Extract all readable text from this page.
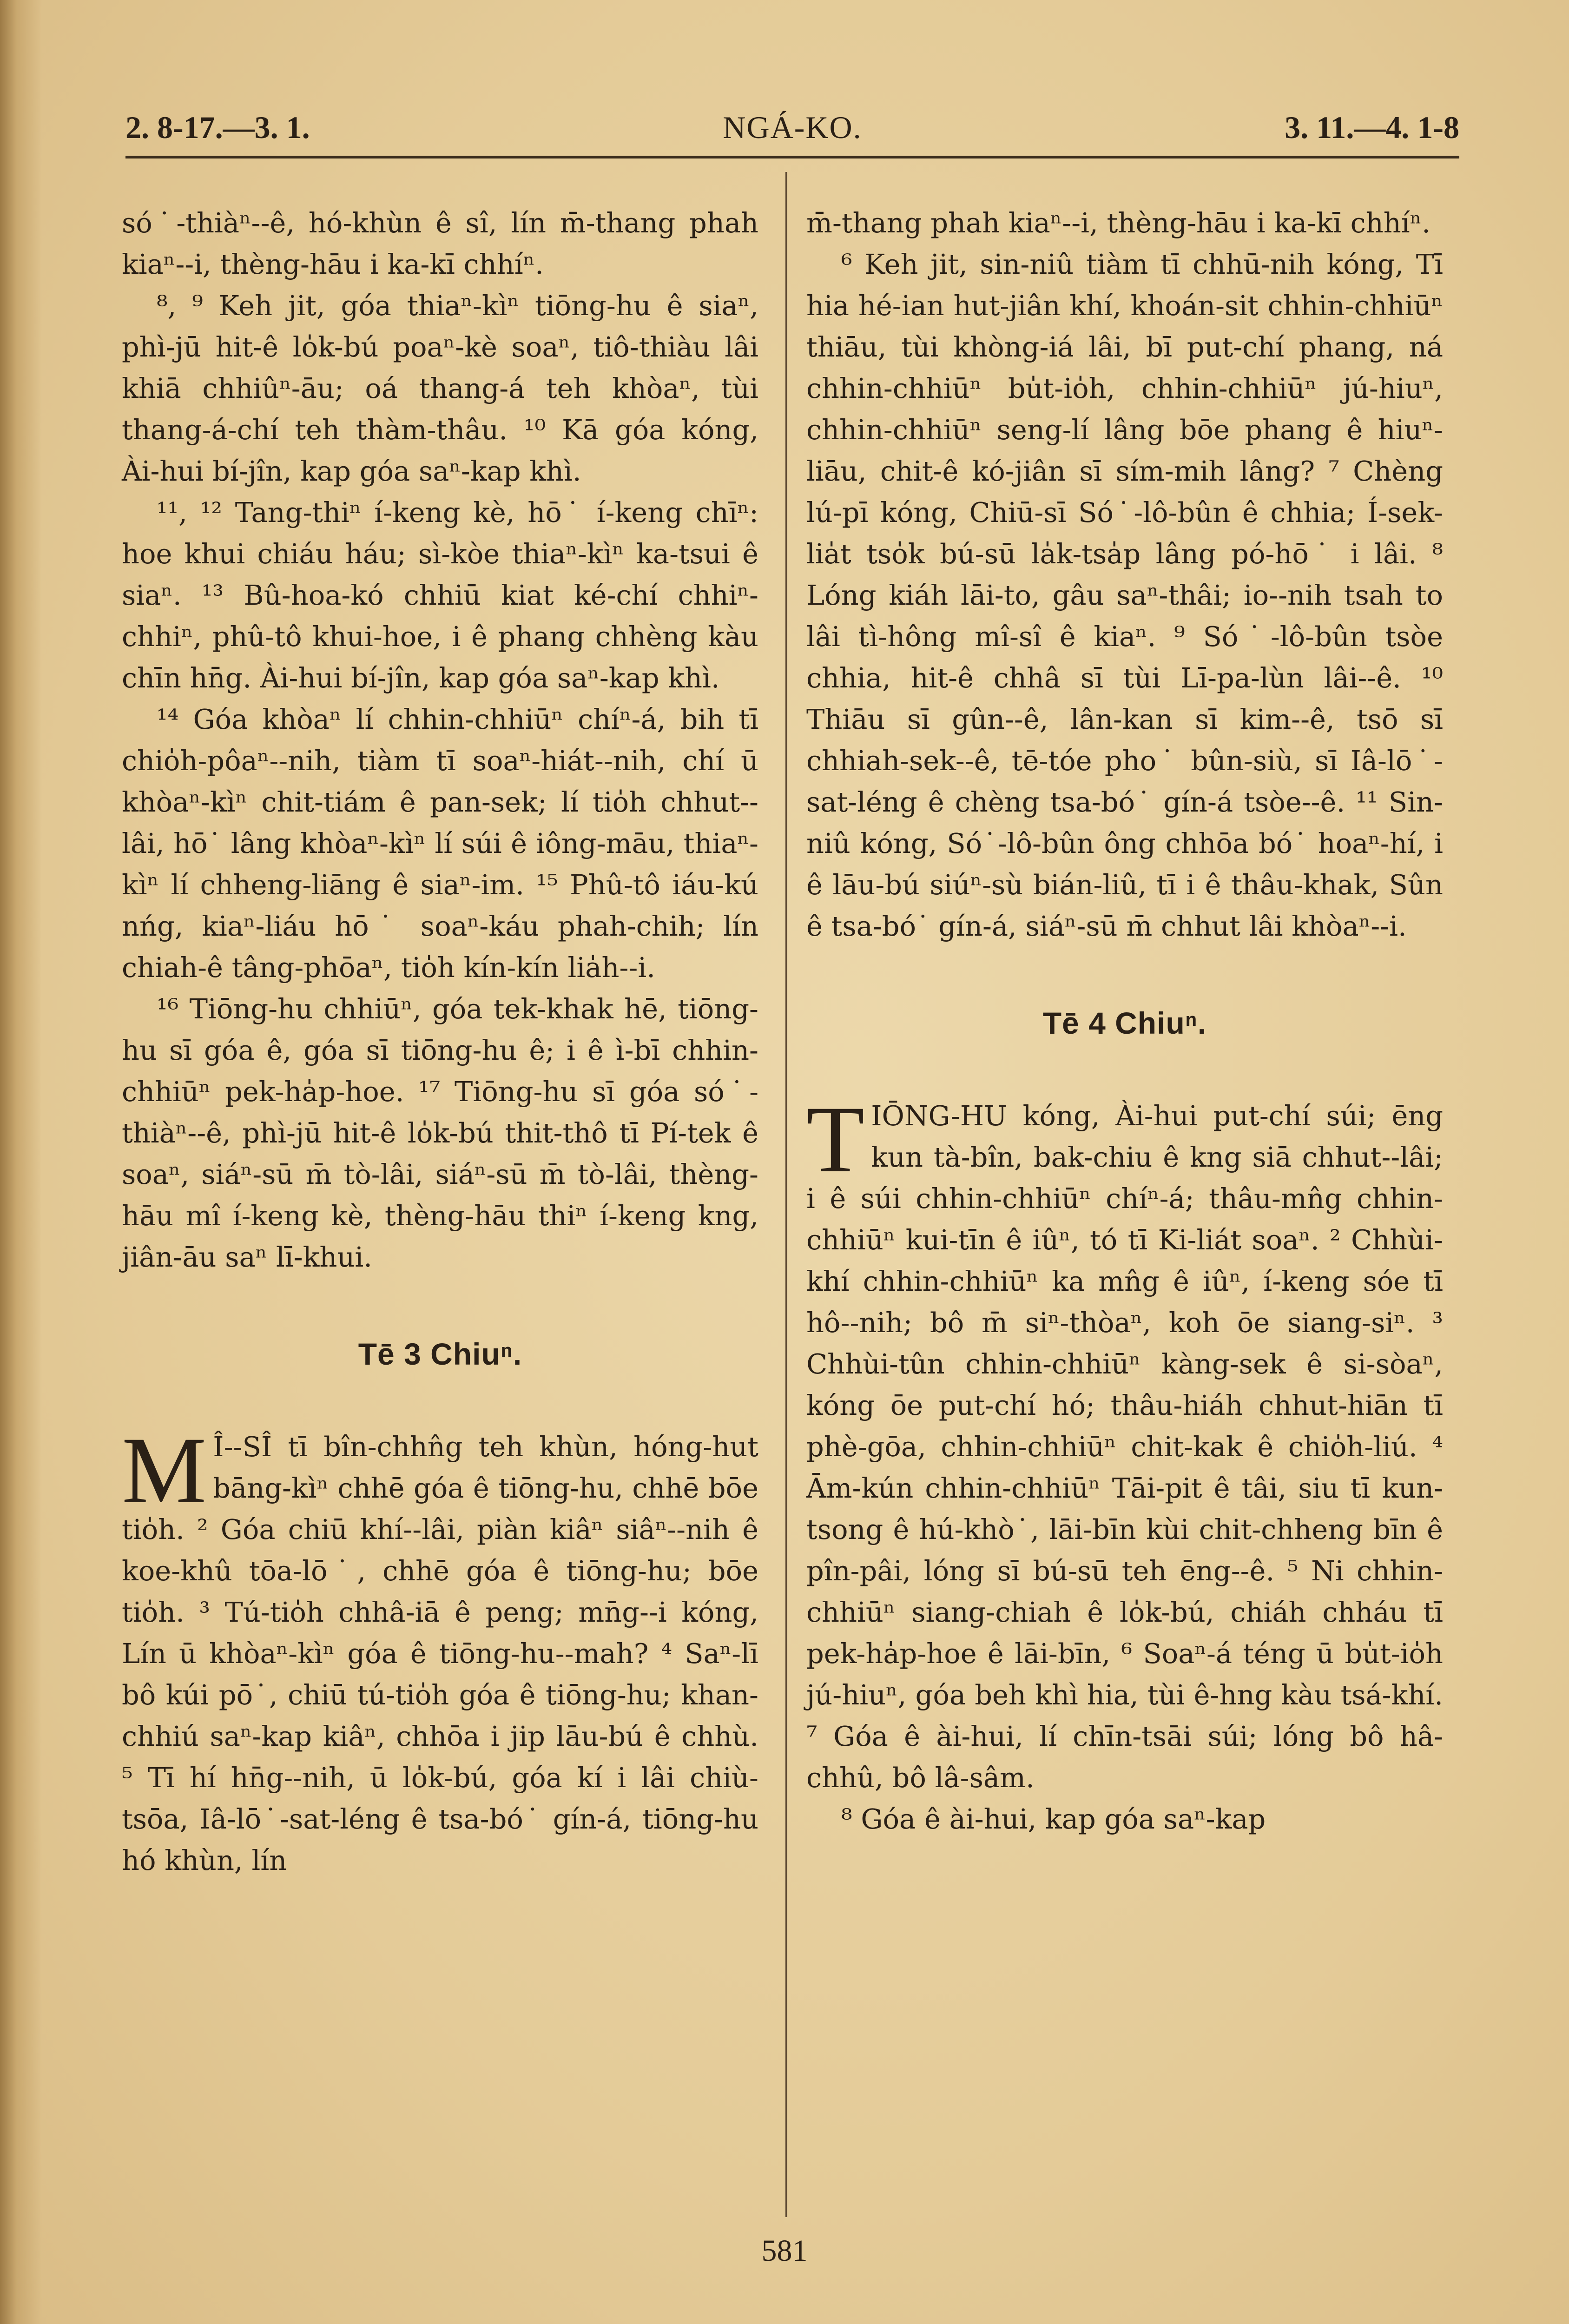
2. 8-17.—3. 1.	NGÁ-KO.	3. 11.—4. 1-8

só˙-thiàⁿ--ê, hó-khùn ê sî, lín m̄-thang phah kiaⁿ--i, thèng-hāu i ka-kī chhíⁿ.

⁸, ⁹ Keh jit, góa thiaⁿ-kìⁿ tiōng-hu ê siaⁿ, phì-jū hit-ê lo̍k-bú poaⁿ-kè soaⁿ, tiô-thiàu lâi khiā chhiûⁿ-āu; oá thang-á teh khòaⁿ, tùi thang-á-chí teh thàm-thâu. ¹⁰ Kā góa kóng, Ài-hui bí-jîn, kap góa saⁿ-kap khì.

¹¹, ¹² Tang-thiⁿ í-keng kè, hō˙ í-keng chīⁿ: hoe khui chiáu háu; sì-kòe thiaⁿ-kìⁿ ka-tsui ê siaⁿ. ¹³ Bû-hoa-kó chhiū kiat ké-chí chhiⁿ-chhiⁿ, phû-tô khui-hoe, i ê phang chhèng kàu chīn hn̄g. Ài-hui bí-jîn, kap góa saⁿ-kap khì.

¹⁴ Góa khòaⁿ lí chhin-chhiūⁿ chíⁿ-á, bih tī chio̍h-pôaⁿ--nih, tiàm tī soaⁿ-hiát--nih, chí ū khòaⁿ-kìⁿ chit-tiám ê pan-sek; lí tio̍h chhut--lâi, hō˙ lâng khòaⁿ-kìⁿ lí súi ê iông-māu, thiaⁿ-kìⁿ lí chheng-liāng ê siaⁿ-im. ¹⁵ Phû-tô iáu-kú nńg, kiaⁿ-liáu hō˙ soaⁿ-káu phah-chih; lín chiah-ê tâng-phōaⁿ, tio̍h kín-kín lia̍h--i.

¹⁶ Tiōng-hu chhiūⁿ, góa tek-khak hē, tiōng-hu sī góa ê, góa sī tiōng-hu ê; i ê ì-bī chhin-chhiūⁿ pek-ha̍p-hoe. ¹⁷ Tiōng-hu sī góa só˙-thiàⁿ--ê, phì-jū hit-ê lo̍k-bú thit-thô tī Pí-tek ê soaⁿ, siáⁿ-sū m̄ tò-lâi, siáⁿ-sū m̄ tò-lâi, thèng-hāu mî í-keng kè, thèng-hāu thiⁿ í-keng kng, jiân-āu saⁿ lī-khui.

Tē 3 Chiuⁿ.

M Î--SÎ tī bîn-chhn̂g teh khùn, hóng-hut bāng-kìⁿ chhē góa ê tiōng-hu, chhē bōe tio̍h. ² Góa chiū khí--lâi, piàn kiâⁿ siâⁿ--nih ê koe-khû tōa-lō˙, chhē góa ê tiōng-hu; bōe tio̍h. ³ Tú-tio̍h chhâ-iā ê peng; mn̄g--i kóng, Lín ū khòaⁿ-kìⁿ góa ê tiōng-hu--mah? ⁴ Saⁿ-lī bô kúi pō˙, chiū tú-tio̍h góa ê tiōng-hu; khan-chhiú saⁿ-kap kiâⁿ, chhōa i jip lāu-bú ê chhù. ⁵ Tī hí hn̄g--nih, ū lo̍k-bú, góa kí i lâi chiù-tsōa, Iâ-lō˙-sat-léng ê tsa-bó˙ gín-á, tiōng-hu hó khùn, lín

m̄-thang phah kiaⁿ--i, thèng-hāu i ka-kī chhíⁿ.

⁶ Keh jit, sin-niû tiàm tī chhū-nih kóng, Tī hia hé-ian hut-jiân khí, khoán-sit chhin-chhiūⁿ thiāu, tùi khòng-iá lâi, bī put-chí phang, ná chhin-chhiūⁿ bu̍t-io̍h, chhin-chhiūⁿ jú-hiuⁿ, chhin-chhiūⁿ seng-lí lâng bōe phang ê hiuⁿ-liāu, chit-ê kó-jiân sī sím-mih lâng? ⁷ Chèng lú-pī kóng, Chiū-sī Só˙-lô-bûn ê chhia; Í-sek-lia̍t tso̍k bú-sū la̍k-tsa̍p lâng pó-hō˙ i lâi. ⁸ Lóng kiáh lāi-to, gâu saⁿ-thâi; io--nih tsah to lâi tì-hông mî-sî ê kiaⁿ. ⁹ Só˙-lô-bûn tsòe chhia, hit-ê chhâ sī tùi Lī-pa-lùn lâi--ê. ¹⁰ Thiāu sī gûn--ê, lân-kan sī kim--ê, tsō sī chhiah-sek--ê, tē-tóe pho˙ bûn-siù, sī Iâ-lō˙-sat-léng ê chèng tsa-bó˙ gín-á tsòe--ê. ¹¹ Sin-niû kóng, Só˙-lô-bûn ông chhōa bó˙ hoaⁿ-hí, i ê lāu-bú siúⁿ-sù bián-liû, tī i ê thâu-khak, Sûn ê tsa-bó˙ gín-á, siáⁿ-sū m̄ chhut lâi khòaⁿ--i.

Tē 4 Chiuⁿ.

TIŌNG-HU kóng, Ài-hui put-chí súi; ēng kun tà-bîn, bak-chiu ê kng siā chhut--lâi; i ê súi chhin-chhiūⁿ chíⁿ-á; thâu-mn̂g chhin-chhiūⁿ kui-tīn ê iûⁿ, tó tī Ki-liát soaⁿ. ² Chhùi-khí chhin-chhiūⁿ ka mn̂g ê iûⁿ, í-keng sóe tī hô--nih; bô m̄ siⁿ-thòaⁿ, koh ōe siang-siⁿ. ³ Chhùi-tûn chhin-chhiūⁿ kàng-sek ê si-sòaⁿ, kóng ōe put-chí hó; thâu-hiáh chhut-hiān tī phè-gōa, chhin-chhiūⁿ chit-kak ê chio̍h-liú. ⁴ Ām-kún chhin-chhiūⁿ Tāi-pit ê tâi, siu tī kun-tsong ê hú-khò˙, lāi-bīn kùi chit-chheng bīn ê pîn-pâi, lóng sī bú-sū teh ēng--ê. ⁵ Ni chhin-chhiūⁿ siang-chiah ê lo̍k-bú, chiáh chháu tī pek-ha̍p-hoe ê lāi-bīn, ⁶ Soaⁿ-á téng ū bu̍t-io̍h jú-hiuⁿ, góa beh khì hia, tùi ê-hng kàu tsá-khí. ⁷ Góa ê ài-hui, lí chīn-tsāi súi; lóng bô hâ-chhû, bô lâ-sâm.

⁸ Góa ê ài-hui, kap góa saⁿ-kap

581
